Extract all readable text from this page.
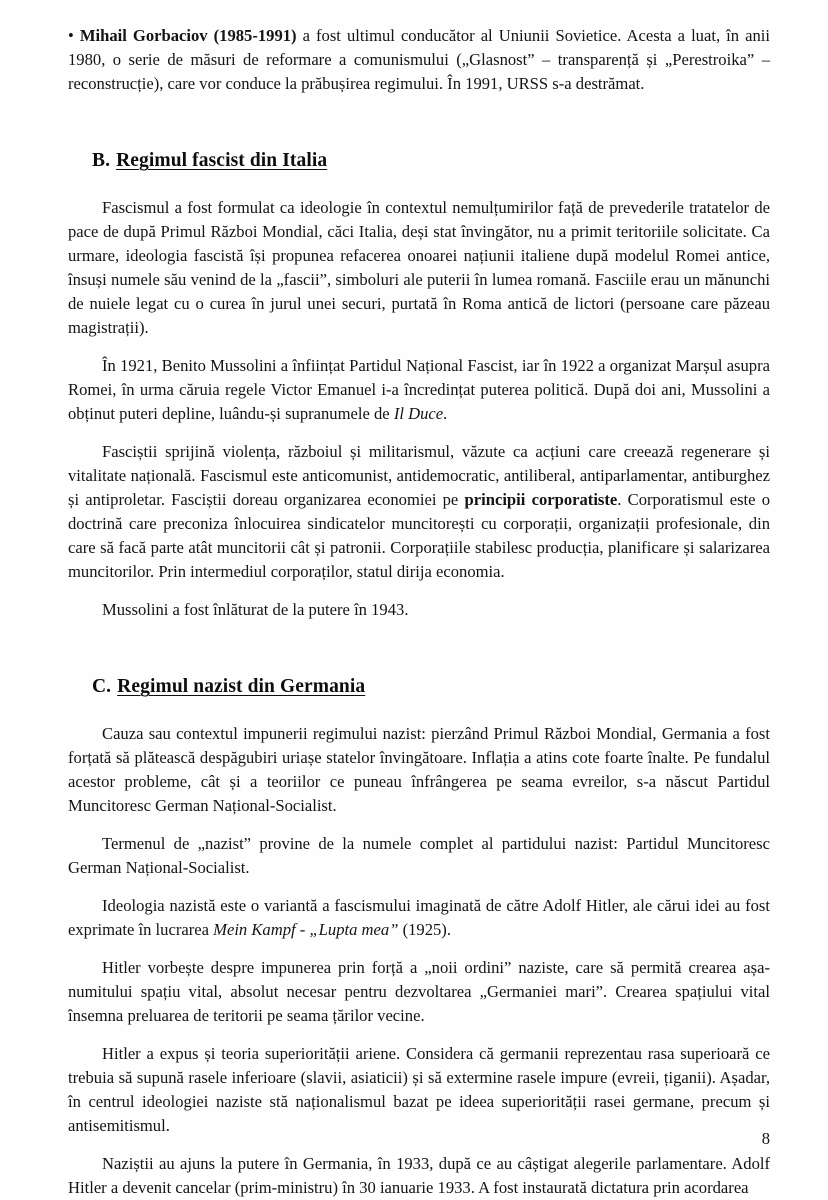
• Mihail Gorbaciov (1985-1991) a fost ultimul conducător al Uniunii Sovietice. Acesta a luat, în anii 1980, o serie de măsuri de reformare a comunismului („Glasnost” – transparență și „Perestroika” – reconstrucție), care vor conduce la prăbușirea regimului. În 1991, URSS s-a destrămat.

B. Regimul fascist din Italia

Fascismul a fost formulat ca ideologie în contextul nemulțumirilor față de prevederile tratatelor de pace de după Primul Război Mondial, căci Italia, deși stat învingător, nu a primit teritoriile solicitate. Ca urmare, ideologia fascistă își propunea refacerea onoarei națiunii italiene după modelul Romei antice, însuși numele său venind de la „fascii”, simboluri ale puterii în lumea romană. Fasciile erau un mănunchi de nuiele legat cu o curea în jurul unei securi, purtată în Roma antică de lictori (persoane care păzeau magistrații).

În 1921, Benito Mussolini a înființat Partidul Național Fascist, iar în 1922 a organizat Marșul asupra Romei, în urma căruia regele Victor Emanuel i-a încredințat puterea politică. După doi ani, Mussolini a obținut puteri depline, luându-și supranumele de Il Duce.

Fasciștii sprijină violența, războiul și militarismul, văzute ca acțiuni care creează regenerare și vitalitate națională. Fascismul este anticomunist, antidemocratic, antiliberal, antiparlamentar, antiburghez și antiproletar. Fasciștii doreau organizarea economiei pe principii corporatiste. Corporatismul este o doctrină care preconiza înlocuirea sindicatelor muncitorești cu corporații, organizații profesionale, din care să facă parte atât muncitorii cât și patronii. Corporațiile stabilesc producția, planificare și salarizarea muncitorilor. Prin intermediul corporaților, statul dirija economia.

Mussolini a fost înlăturat de la putere în 1943.

C. Regimul nazist din Germania

Cauza sau contextul impunerii regimului nazist: pierzând Primul Război Mondial, Germania a fost forțată să plătească despăgubiri uriașe statelor învingătoare. Inflația a atins cote foarte înalte. Pe fundalul acestor probleme, cât și a teoriilor ce puneau înfrângerea pe seama evreilor, s-a născut Partidul Muncitoresc German Național-Socialist.

Termenul de „nazist” provine de la numele complet al partidului nazist: Partidul Muncitoresc German Național-Socialist.

Ideologia nazistă este o variantă a fascismului imaginată de către Adolf Hitler, ale cărui idei au fost exprimate în lucrarea Mein Kampf - „Lupta mea” (1925).

Hitler vorbește despre impunerea prin forță a „noii ordini” naziste, care să permită crearea așa-numitului spațiu vital, absolut necesar pentru dezvoltarea „Germaniei mari”. Crearea spațiului vital însemna preluarea de teritorii pe seama țărilor vecine.

Hitler a expus și teoria superiorității ariene. Considera că germanii reprezentau rasa superioară ce trebuia să supună rasele inferioare (slavii, asiaticii) și să extermine rasele impure (evreii, țiganii). Așadar, în centrul ideologiei naziste stă naționalismul bazat pe ideea superiorității rasei germane, precum și antisemitismul.

Naziștii au ajuns la putere în Germania, în 1933, după ce au câștigat alegerile parlamentare. Adolf Hitler a devenit cancelar (prim-ministru) în 30 ianuarie 1933. A fost instaurată dictatura prin acordarea

8
